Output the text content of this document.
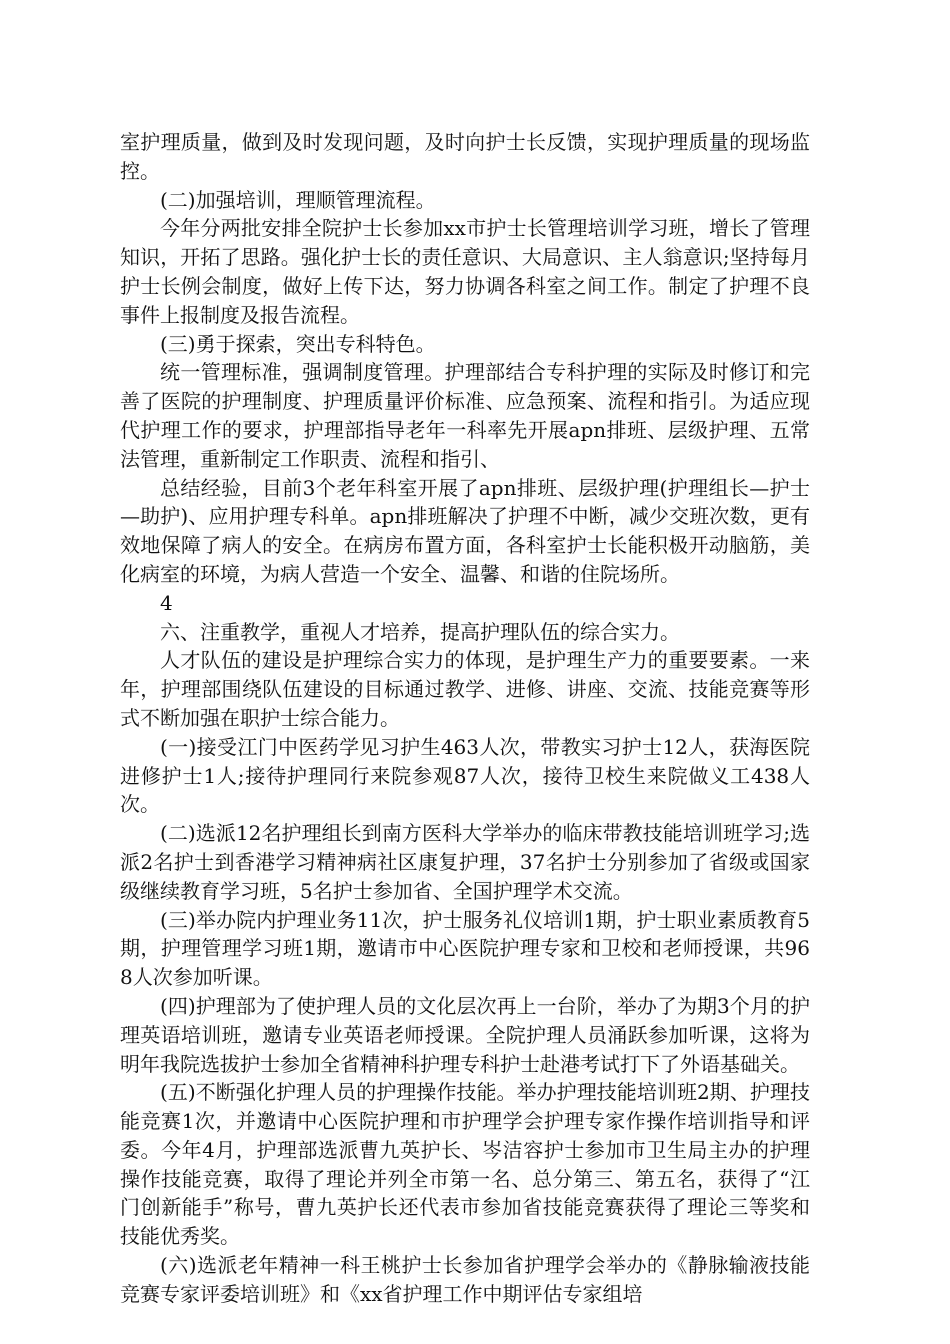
室护理质量，做到及时发现问题，及时向护士长反馈，实现护理质量的现场监控。

(二)加强培训，理顺管理流程。

今年分两批安排全院护士长参加xx市护士长管理培训学习班，增长了管理知识，开拓了思路。强化护士长的责任意识、大局意识、主人翁意识;坚持每月护士长例会制度，做好上传下达，努力协调各科室之间工作。制定了护理不良事件上报制度及报告流程。

(三)勇于探索，突出专科特色。

统一管理标准，强调制度管理。护理部结合专科护理的实际及时修订和完善了医院的护理制度、护理质量评价标准、应急预案、流程和指引。为适应现代护理工作的要求，护理部指导老年一科率先开展apn排班、层级护理、五常法管理，重新制定工作职责、流程和指引、

总结经验，目前3个老年科室开展了apn排班、层级护理(护理组长—护士—助护)、应用护理专科单。apn排班解决了护理不中断，减少交班次数，更有效地保障了病人的安全。在病房布置方面，各科室护士长能积极开动脑筋，美化病室的环境，为病人营造一个安全、温馨、和谐的住院场所。

4

六、注重教学，重视人才培养，提高护理队伍的综合实力。

人才队伍的建设是护理综合实力的体现，是护理生产力的重要要素。一来年，护理部围绕队伍建设的目标通过教学、进修、讲座、交流、技能竞赛等形式不断加强在职护士综合能力。

(一)接受江门中医药学见习护生463人次，带教实习护士12人，获海医院进修护士1人;接待护理同行来院参观87人次，接待卫校生来院做义工438人次。

(二)选派12名护理组长到南方医科大学举办的临床带教技能培训班学习;选派2名护士到香港学习精神病社区康复护理，37名护士分别参加了省级或国家级继续教育学习班，5名护士参加省、全国护理学术交流。

(三)举办院内护理业务11次，护士服务礼仪培训1期，护士职业素质教育5期，护理管理学习班1期，邀请市中心医院护理专家和卫校和老师授课，共968人次参加听课。

(四)护理部为了使护理人员的文化层次再上一台阶，举办了为期3个月的护理英语培训班，邀请专业英语老师授课。全院护理人员涌跃参加听课，这将为明年我院选拔护士参加全省精神科护理专科护士赴港考试打下了外语基础关。

(五)不断强化护理人员的护理操作技能。举办护理技能培训班2期、护理技能竞赛1次，并邀请中心医院护理和市护理学会护理专家作操作培训指导和评委。今年4月，护理部选派曹九英护长、岑洁容护士参加市卫生局主办的护理操作技能竞赛，取得了理论并列全市第一名、总分第三、第五名，获得了“江门创新能手”称号，曹九英护长还代表市参加省技能竞赛获得了理论三等奖和技能优秀奖。

(六)选派老年精神一科王桃护士长参加省护理学会举办的《静脉输液技能竞赛专家评委培训班》和《xx省护理工作中期评估专家组培
